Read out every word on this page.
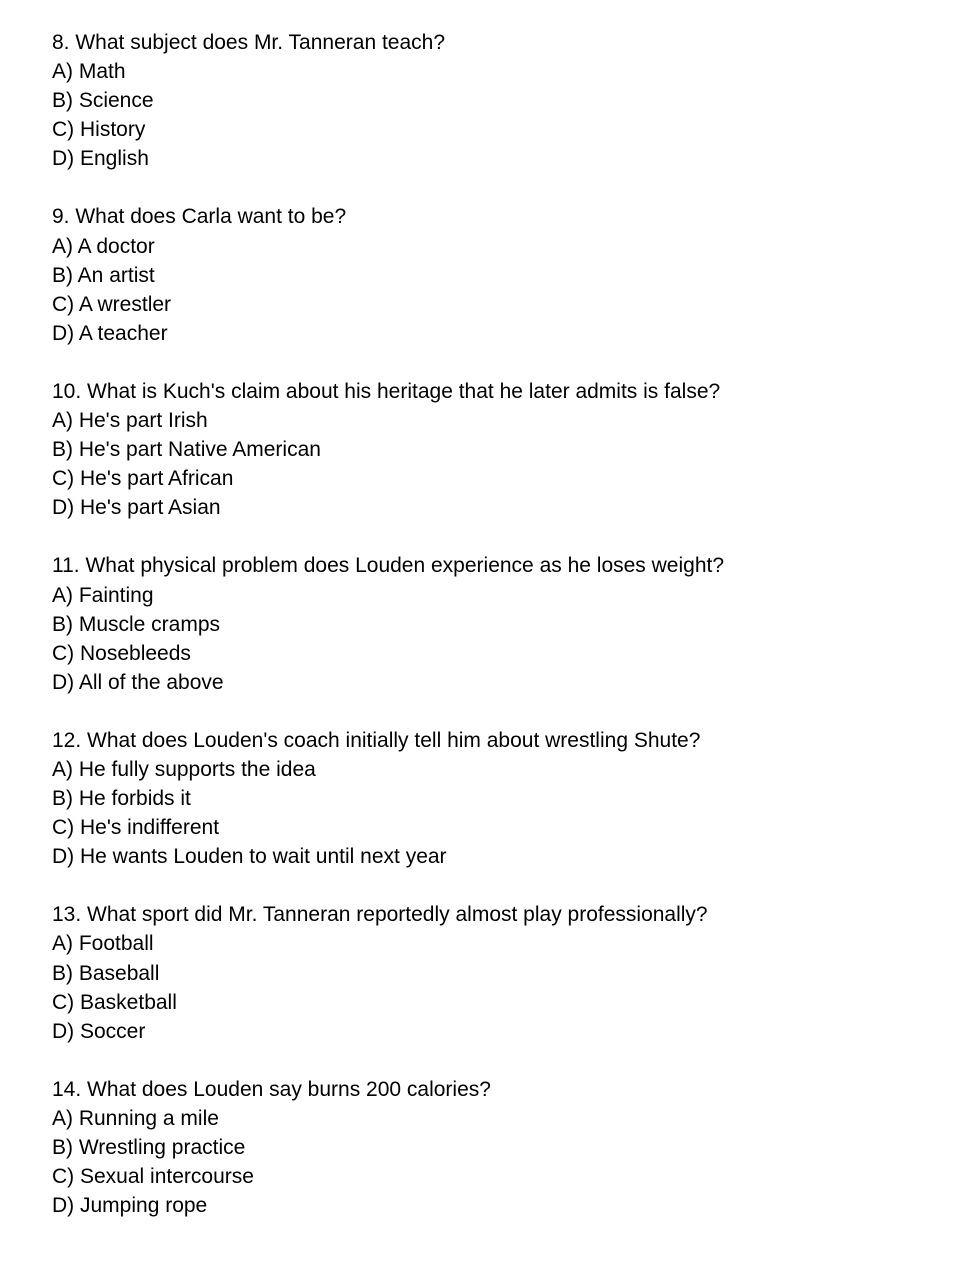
8. What subject does Mr. Tanneran teach?
A) Math
B) Science
C) History
D) English
9. What does Carla want to be?
A) A doctor
B) An artist
C) A wrestler
D) A teacher
10. What is Kuch's claim about his heritage that he later admits is false?
A) He's part Irish
B) He's part Native American
C) He's part African
D) He's part Asian
11. What physical problem does Louden experience as he loses weight?
A) Fainting
B) Muscle cramps
C) Nosebleeds
D) All of the above
12. What does Louden's coach initially tell him about wrestling Shute?
A) He fully supports the idea
B) He forbids it
C) He's indifferent
D) He wants Louden to wait until next year
13. What sport did Mr. Tanneran reportedly almost play professionally?
A) Football
B) Baseball
C) Basketball
D) Soccer
14. What does Louden say burns 200 calories?
A) Running a mile
B) Wrestling practice
C) Sexual intercourse
D) Jumping rope
